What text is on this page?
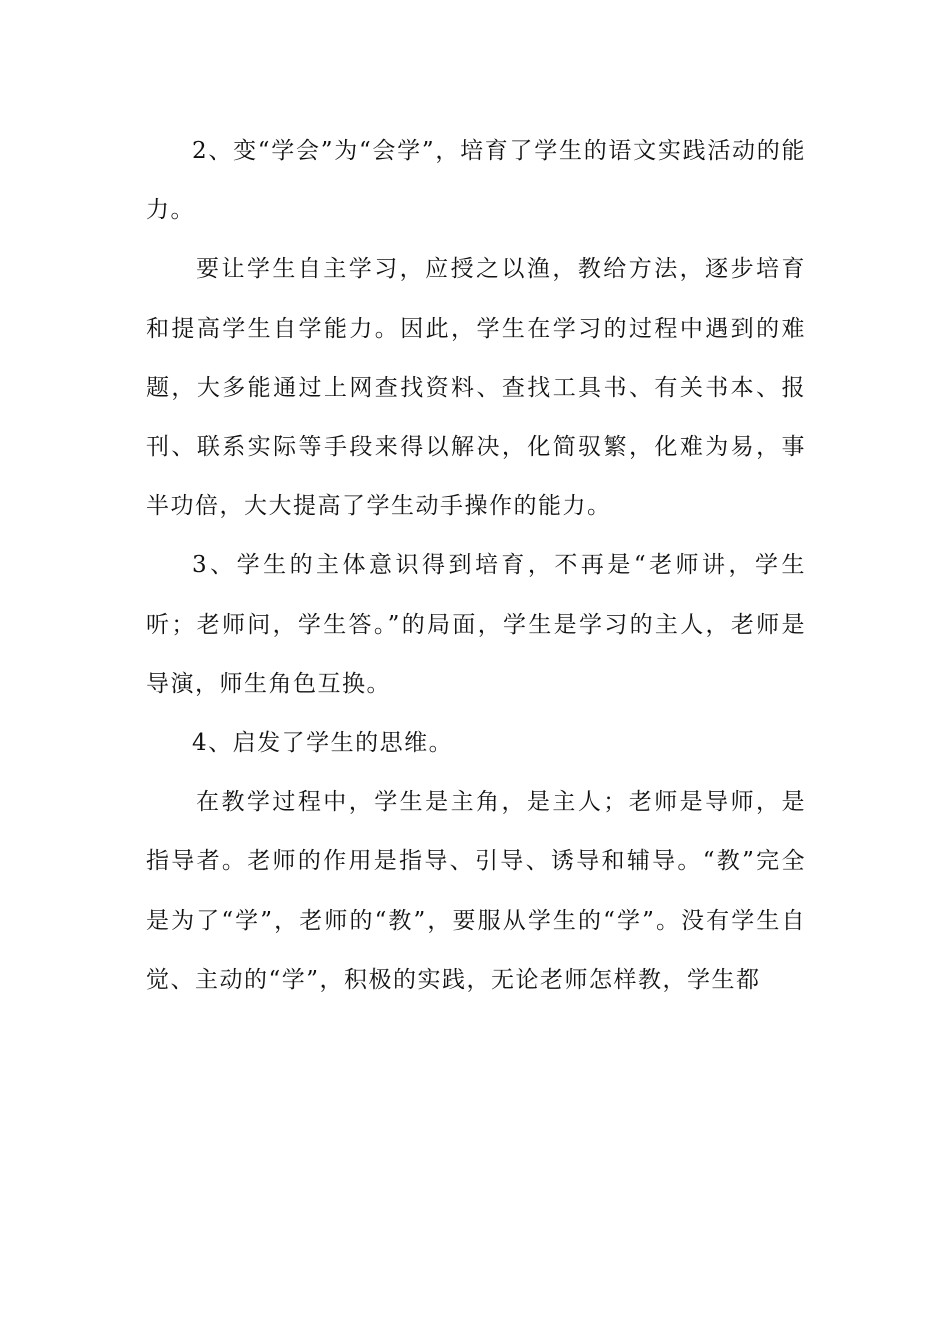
2、变“学会”为“会学”，培育了学生的语文实践活动的能力。

要让学生自主学习，应授之以渔，教给方法，逐步培育和提高学生自学能力。因此，学生在学习的过程中遇到的难题，大多能通过上网查找资料、查找工具书、有关书本、报刊、联系实际等手段来得以解决，化简驭繁，化难为易，事半功倍，大大提高了学生动手操作的能力。

3、学生的主体意识得到培育，不再是“老师讲，学生听；老师问，学生答。”的局面，学生是学习的主人，老师是导演，师生角色互换。

4、启发了学生的思维。

在教学过程中，学生是主角，是主人；老师是导师，是指导者。老师的作用是指导、引导、诱导和辅导。“教”完全是为了“学”，老师的“教”，要服从学生的“学”。没有学生自觉、主动的“学”，积极的实践，无论老师怎样教，学生都
